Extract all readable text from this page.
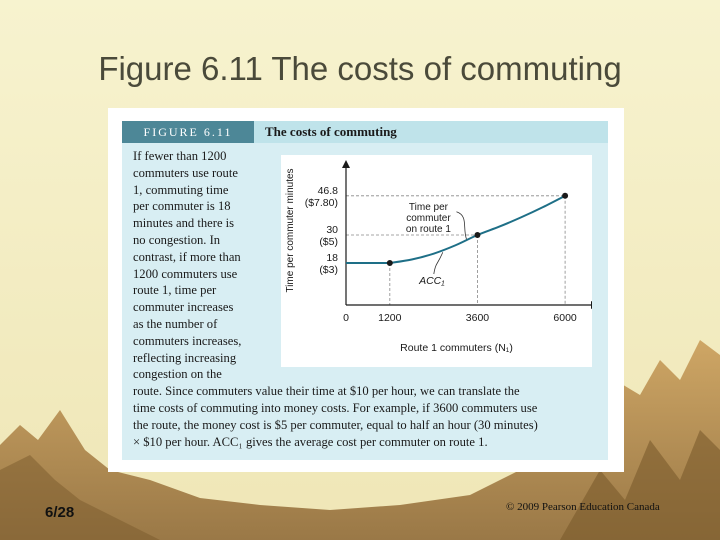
Figure 6.11 The costs of commuting
FIGURE 6.11	The costs of commuting

If fewer than 1200

commuters use route

1, commuting time

per commuter is 18

minutes and there is

no congestion. In

contrast, if more than

1200 commuters use

route 1, time per

commuter increases

as the number of

commuters increases,

reflecting increasing

congestion on the

route. Since commuters value their time at $10 per hour, we can translate the

time costs of commuting into money costs. For example, if 3600 commuters use

the route, the money cost is $5 per commuter, equal to half an hour (30 minutes)

× $10 per hour. ACC₁ gives the average cost per commuter on route 1.

18
($3)
30
($5)
46.8
($7.80)
0	1200	3600	6000
Time per commuter minutes
Route 1 commuters (N₁)
Time per
commuter
on route 1
ACC₁
6/28	© 2009 Pearson Education Canada
